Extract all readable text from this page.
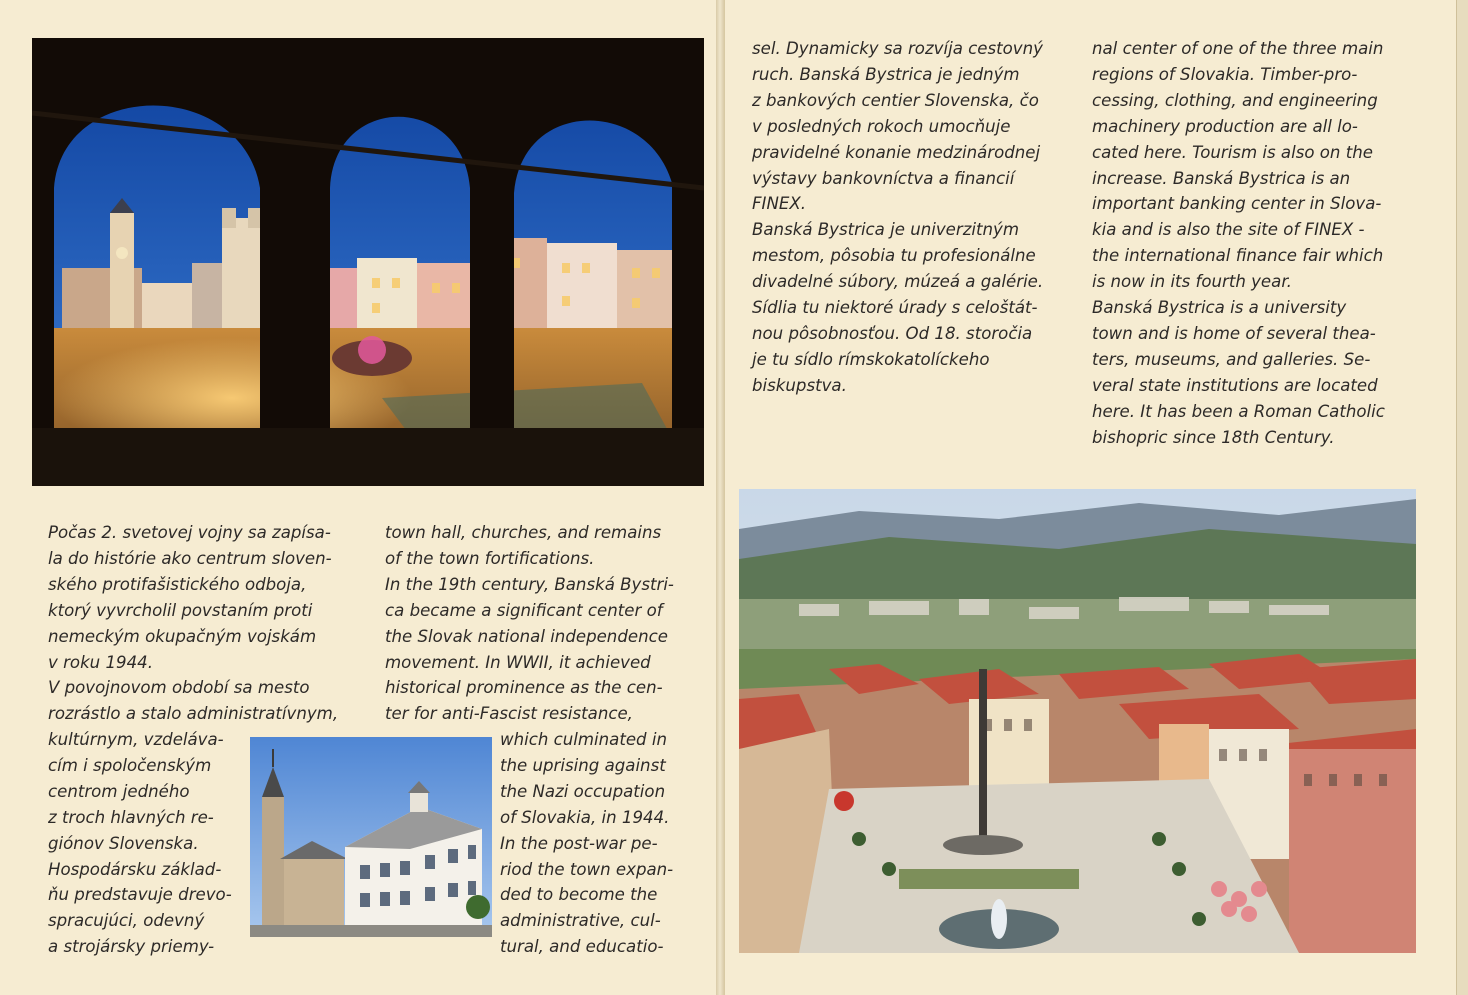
Počas 2. svetovej vojny sa zapísa-
la do histórie ako centrum sloven-
ského protifašistického odboja,
ktorý vyvrcholil povstaním proti
nemeckým okupačným vojskám
v roku 1944.
V povojnovom období sa mesto
rozrástlo a stalo administratívnym,
kultúrnym, vzdeláva-
cím i spoločenským
centrom jedného
z troch hlavných re-
giónov Slovenska.
Hospodársku základ-
ňu predstavuje drevo-
spracujúci, odevný
a strojársky priemy-
town hall, churches, and remains
of the town fortifications.
In the 19th century, Banská Bystri-
ca became a significant center of
the Slovak national independence
movement. In WWII, it achieved
historical prominence as the cen-
ter for anti-Fascist resistance,
which culminated in
the uprising against
the Nazi occupation
of Slovakia, in 1944.
In the post-war pe-
riod the town expan-
ded to become the
administrative, cul-
tural, and educatio-
sel. Dynamicky sa rozvíja cestovný
ruch. Banská Bystrica je jedným
z bankových centier Slovenska, čo
v posledných rokoch umocňuje
pravidelné konanie medzinárodnej
výstavy bankovníctva a financií
FINEX.
Banská Bystrica je univerzitným
mestom, pôsobia tu profesionálne
divadelné súbory, múzeá a galérie.
Sídlia tu niektoré úrady s celoštát-
nou pôsobnosťou. Od 18. storočia
je tu sídlo rímskokatolíckeho
biskupstva.
nal center of one of the three main
regions of Slovakia. Timber-pro-
cessing, clothing, and engineering
machinery production are all lo-
cated here. Tourism is also on the
increase. Banská Bystrica is an
important banking center in Slova-
kia and is also the site of FINEX -
the international finance fair which
is now in its fourth year.
Banská Bystrica is a university
town and is home of several thea-
ters, museums, and galleries. Se-
veral state institutions are located
here. It has been a Roman Catholic
bishopric since 18th Century.
